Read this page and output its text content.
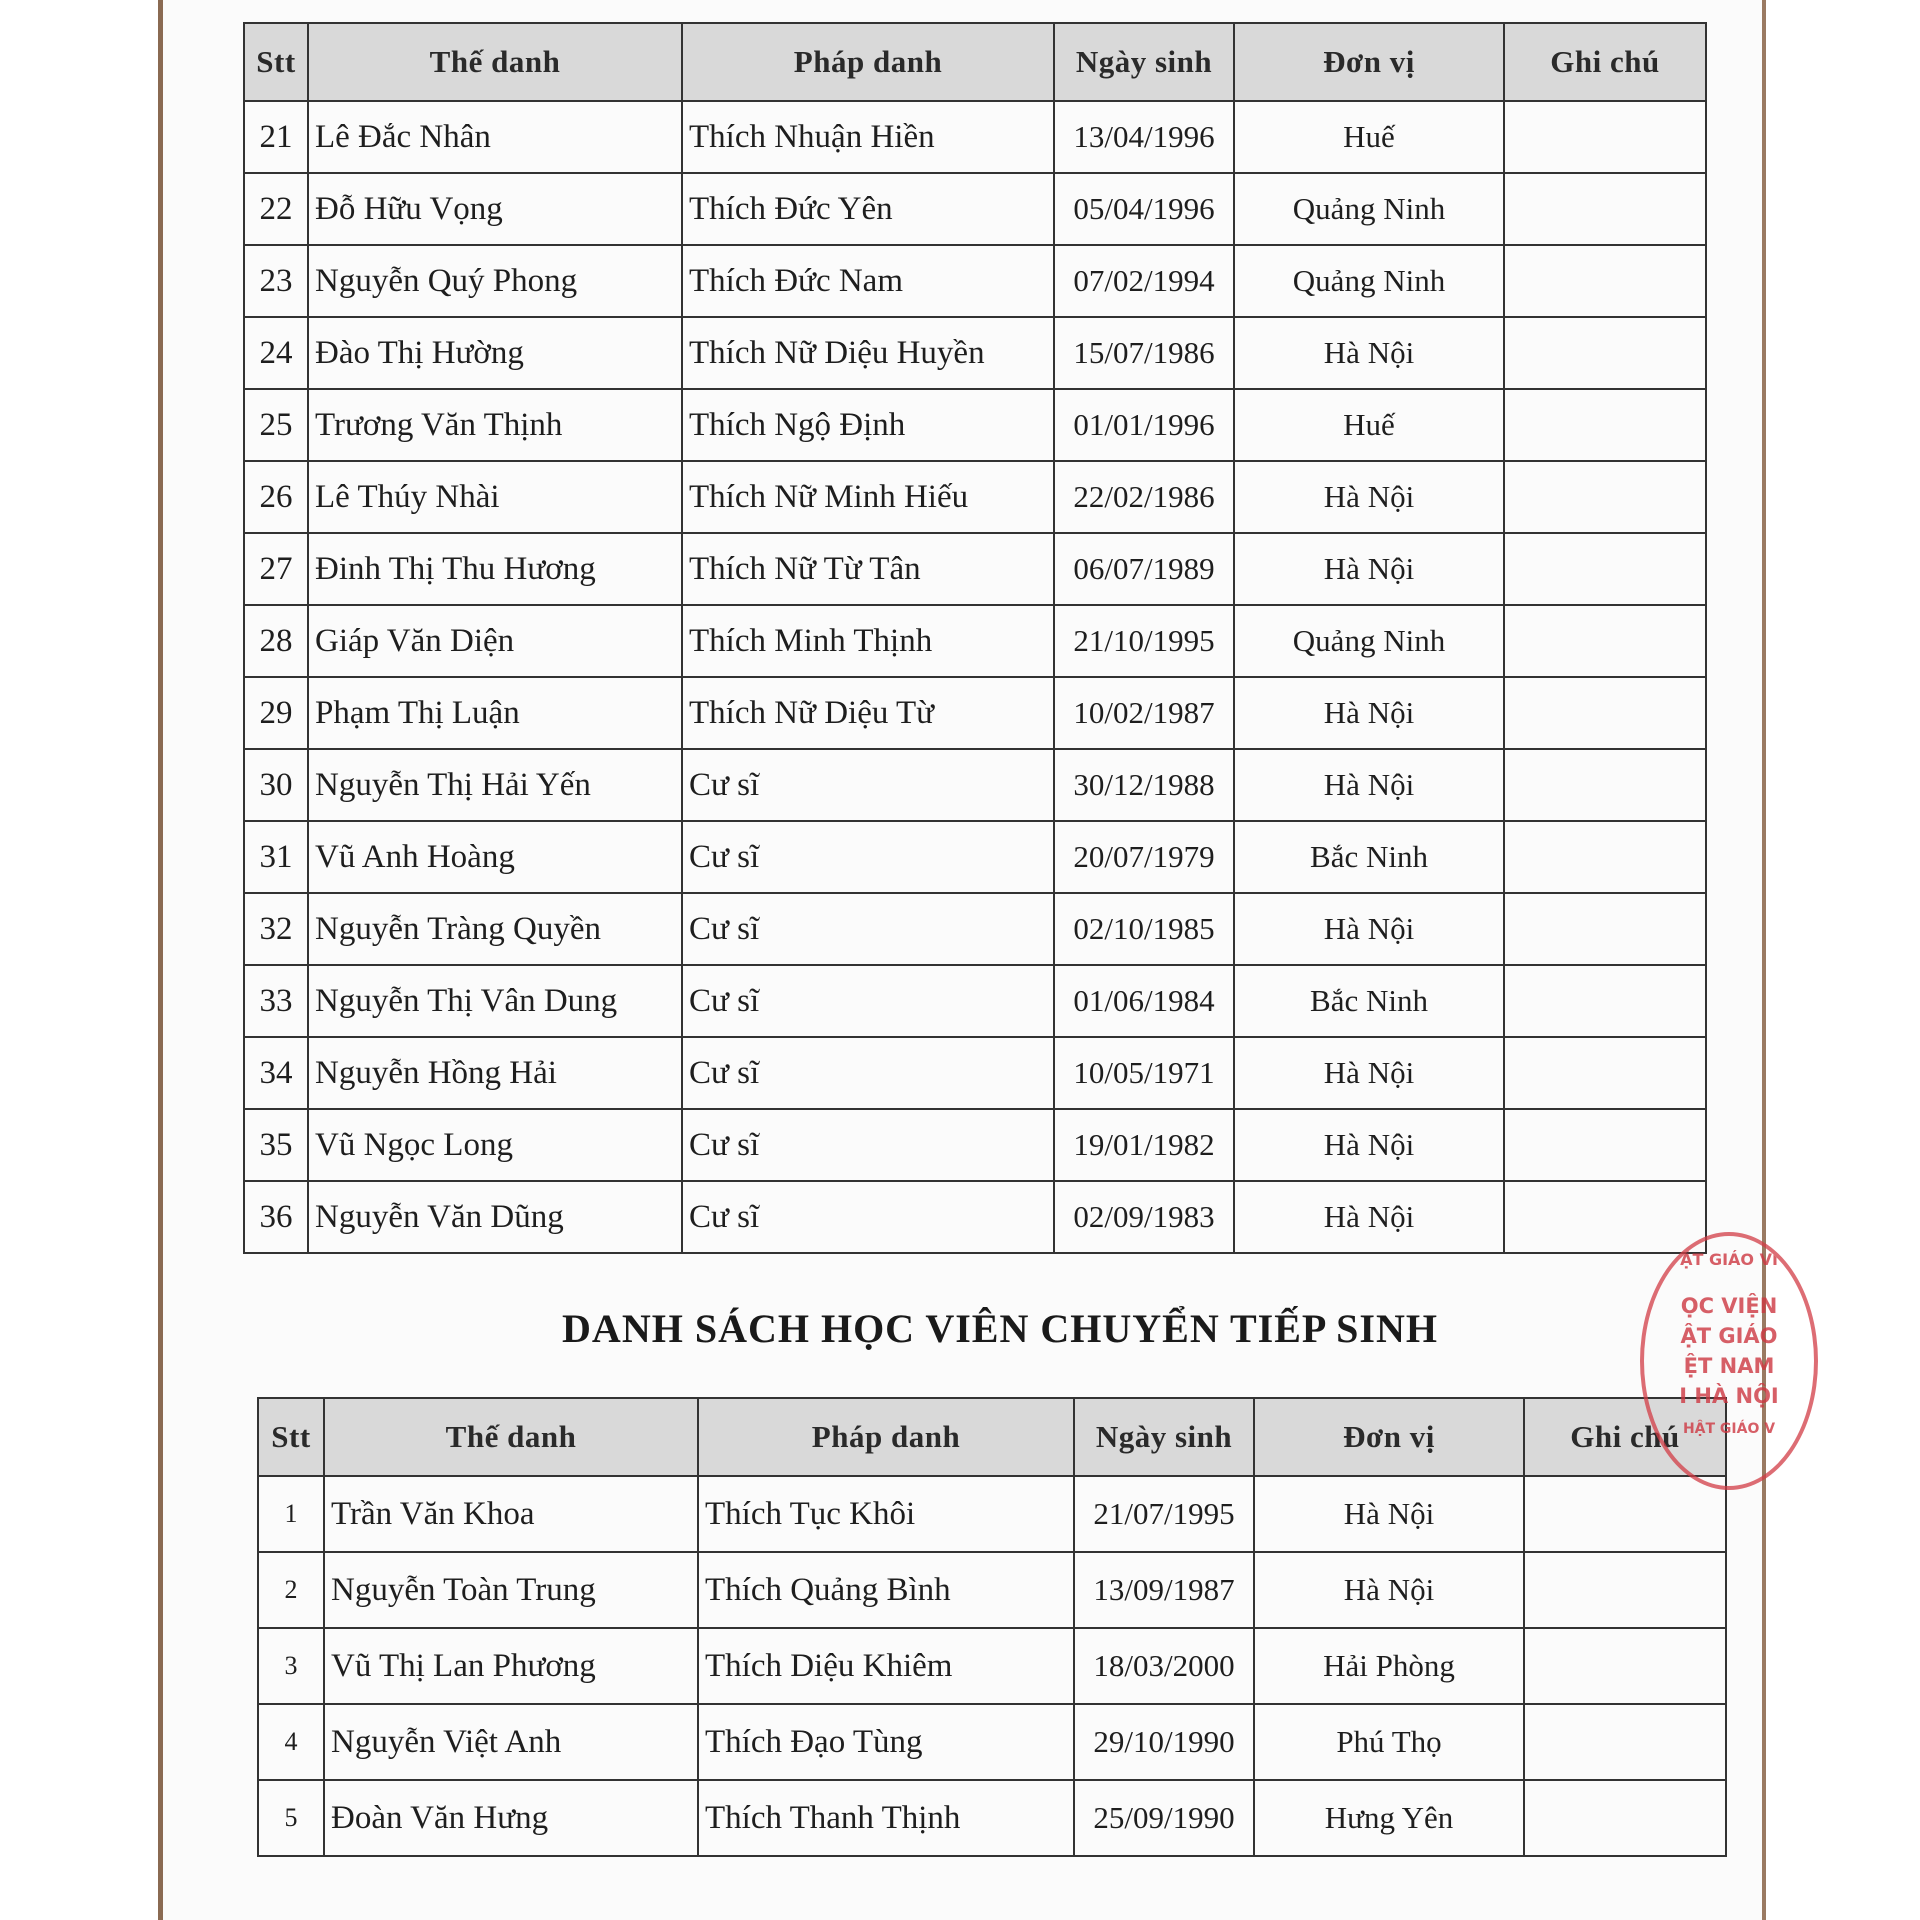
Stt	Thế danh	Pháp danh	Ngày sinh	Đơn vị	Ghi chú
21	Lê Đắc Nhân	Thích Nhuận Hiền	13/04/1996	Huế	
22	Đỗ Hữu Vọng	Thích Đức Yên	05/04/1996	Quảng Ninh	
23	Nguyễn Quý Phong	Thích Đức Nam	07/02/1994	Quảng Ninh	
24	Đào Thị Hường	Thích Nữ Diệu Huyền	15/07/1986	Hà Nội	
25	Trương Văn Thịnh	Thích Ngộ Định	01/01/1996	Huế	
26	Lê Thúy Nhài	Thích Nữ Minh Hiếu	22/02/1986	Hà Nội	
27	Đinh Thị Thu Hương	Thích Nữ Từ Tân	06/07/1989	Hà Nội	
28	Giáp Văn Diện	Thích Minh Thịnh	21/10/1995	Quảng Ninh	
29	Phạm Thị Luận	Thích Nữ Diệu Từ	10/02/1987	Hà Nội	
30	Nguyễn Thị Hải Yến	Cư sĩ	30/12/1988	Hà Nội	
31	Vũ Anh Hoàng	Cư sĩ	20/07/1979	Bắc Ninh	
32	Nguyễn Tràng Quyền	Cư sĩ	02/10/1985	Hà Nội	
33	Nguyễn Thị Vân Dung	Cư sĩ	01/06/1984	Bắc Ninh	
34	Nguyễn Hồng Hải	Cư sĩ	10/05/1971	Hà Nội	
35	Vũ Ngọc Long	Cư sĩ	19/01/1982	Hà Nội	
36	Nguyễn Văn Dũng	Cư sĩ	02/09/1983	Hà Nội	
DANH SÁCH HỌC VIÊN CHUYỂN TIẾP SINH
Stt	Thế danh	Pháp danh	Ngày sinh	Đơn vị	Ghi chú
1	Trần Văn Khoa	Thích Tục Khôi	21/07/1995	Hà Nội	
2	Nguyễn Toàn Trung	Thích Quảng Bình	13/09/1987	Hà Nội	
3	Vũ Thị Lan Phương	Thích Diệu Khiêm	18/03/2000	Hải Phòng	
4	Nguyễn Việt Anh	Thích Đạo Tùng	29/10/1990	Phú Thọ	
5	Đoàn Văn Hưng	Thích Thanh Thịnh	25/09/1990	Hưng Yên	
ẬT GIÁO VI
ỌC VIỆN
ẬT GIÁO
ỆT NAM
I HÀ NỘI
HẬT GIÁO V
